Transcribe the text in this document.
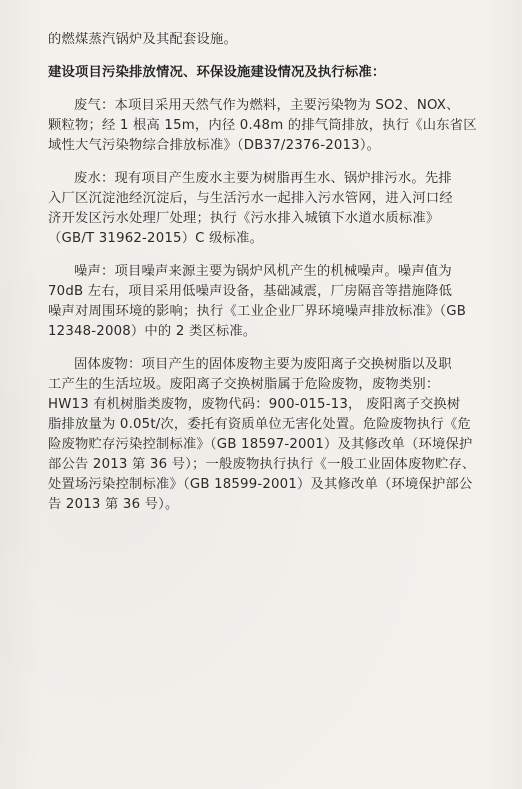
的燃煤蒸汽锅炉及其配套设施。

建设项目污染排放情况、环保设施建设情况及执行标准：

废气：本项目采用天然气作为燃料，主要污染物为 SO2、NOX、

颗粒物；经 1 根高 15m，内径 0.48m 的排气筒排放，执行《山东省区

域性大气污染物综合排放标准》（DB37/2376-2013）。

废水：现有项目产生废水主要为树脂再生水、锅炉排污水。先排

入厂区沉淀池经沉淀后，与生活污水一起排入污水管网，进入河口经

济开发区污水处理厂处理；执行《污水排入城镇下水道水质标准》

（GB/T 31962-2015）C 级标准。

噪声：项目噪声来源主要为锅炉风机产生的机械噪声。噪声值为

70dB 左右，项目采用低噪声设备，基础减震，厂房隔音等措施降低

噪声对周围环境的影响；执行《工业企业厂界环境噪声排放标准》（GB

12348-2008）中的 2 类区标准。

固体废物：项目产生的固体废物主要为废阳离子交换树脂以及职

工产生的生活垃圾。废阳离子交换树脂属于危险废物，废物类别：

HW13 有机树脂类废物，废物代码：900-015-13， 废阳离子交换树

脂排放量为 0.05t/次，委托有资质单位无害化处置。危险废物执行《危

险废物贮存污染控制标准》（GB 18597-2001）及其修改单（环境保护

部公告 2013 第 36 号）；一般废物执行执行《一般工业固体废物贮存、

处置场污染控制标准》（GB 18599-2001）及其修改单（环境保护部公

告 2013 第 36 号）。
